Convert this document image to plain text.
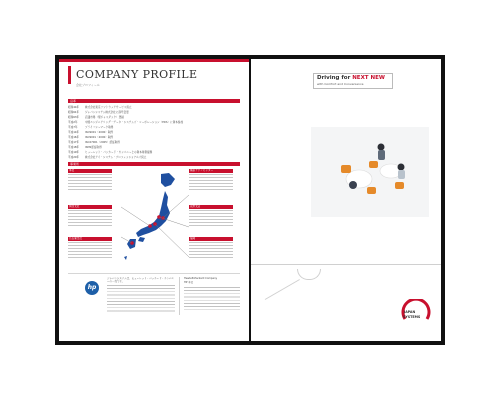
COMPANY PROFILE
会社プロフィール
沿革
昭和44年 株式会社東京ソフトウェアサービス設立
昭和61年 ジャパンシステム株式会社に商号変更
昭和63年 店頭市場（現ジャスダック）登録
平成2年	中国エンジニアリング・データ・システムズ・コーポレーション（EDS）に資本参加
平成7年	プライバシーマーク取得
平成14年 ISO9001（2000）取得
平成16年 ISO9001（2000）取得
平成17年 ISO27001（2005）認証取得
平成18年 ISMS認証取得
平成19年 ヒューレット・パッカード・カンパニーとの資本業務提携
平成20年 株式会社アイ・システム・プロフェッショナルズ設立
事業所
本社
関西支社
名古屋支社
横浜テクノセンター
長野支店
福岡
hp
ジャパンシステムは、ヒューレット・パッカード・カンパニーの一員です。
Hewlett-Packard Company
HP 本社
Driving for NEXT NEW
with Comfort and Convenience
JAPAN
SYSTEMS
